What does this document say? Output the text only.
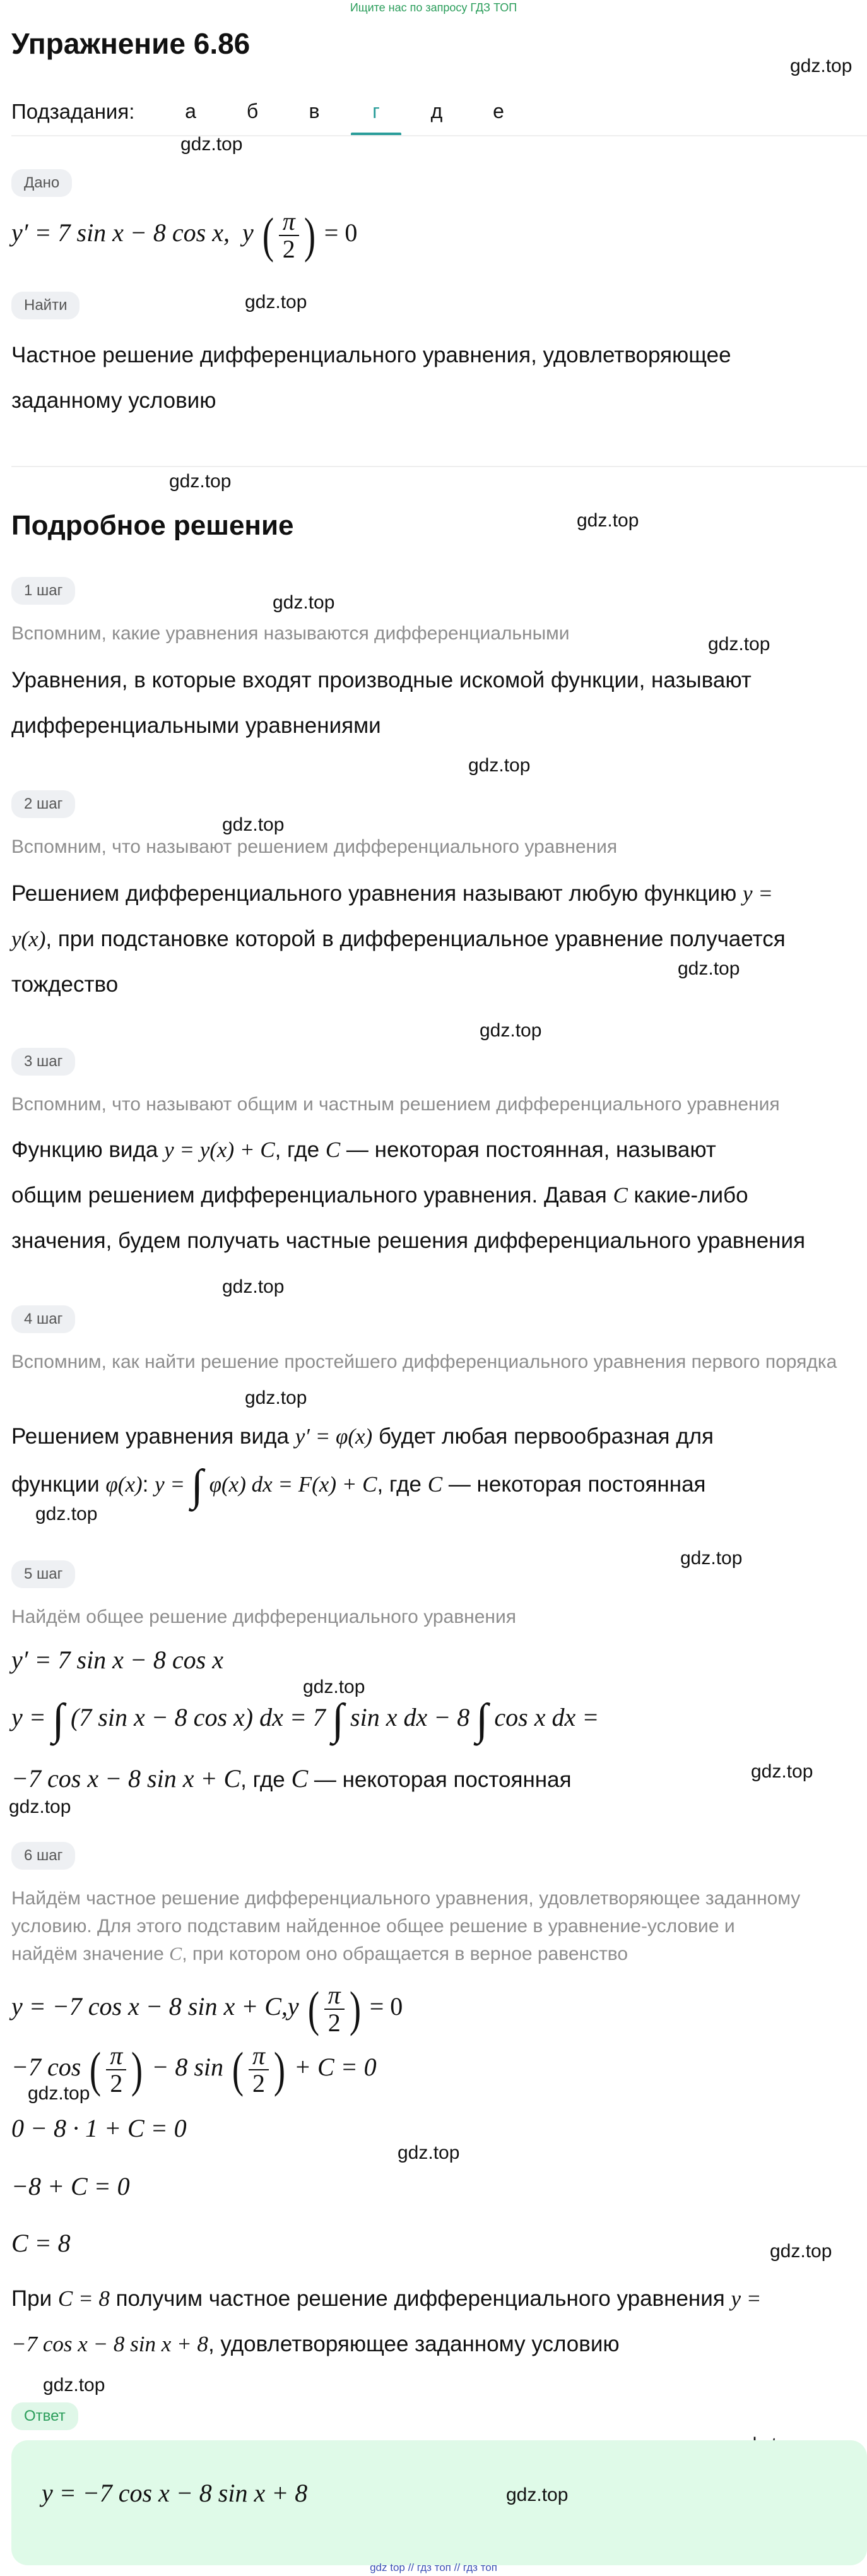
Ищите нас по запросу ГДЗ ТОП
Упражнение 6.86
gdz.top
Подзадания:	а	б	в	г	д	е
gdz.top
Дано
y′ = 7 sin x − 8 cos x, y ( $\frac{\pi}{2}$ ) = 0
Найти	gdz.top
Частное решение дифференциального уравнения, удовлетворяющее заданному условию
gdz.top
Подробное решение	gdz.top
1 шаг
gdz.top
Вспомним, какие уравнения называются дифференциальными
gdz.top
Уравнения, в которые входят производные искомой функции, называют дифференциальными уравнениями
gdz.top
2 шаг
gdz.top
Вспомним, что называют решением дифференциального уравнения
Решением дифференциального уравнения называют любую функцию y =
y(x), при подстановке которой в дифференциальное уравнение получается
тождество
gdz.top
gdz.top
3 шаг
Вспомним, что называют общим и частным решением дифференциального уравнения
Функцию вида y = y(x) + C, где C — некоторая постоянная, называют
общим решением дифференциального уравнения. Давая C какие-либо
значения, будем получать частные решения дифференциального уравнения
gdz.top
4 шаг
Вспомним, как найти решение простейшего дифференциального уравнения первого порядка
gdz.top
Решением уравнения вида y′ = φ(x) будет любая первообразная для
функции φ(x): y = ∫ φ(x) dx = F(x) + C, где C — некоторая постоянная
gdz.top
gdz.top
5 шаг
Найдём общее решение дифференциального уравнения
y′ = 7 sin x − 8 cos x
gdz.top
y = ∫ (7 sin x − 8 cos x) dx = 7 ∫ sin x dx − 8 ∫ cos x dx =
−7 cos x − 8 sin x + C, где C — некоторая постоянная	gdz.top
gdz.top
6 шаг
Найдём частное решение дифференциального уравнения, удовлетворяющее заданному
условию. Для этого подставим найденное общее решение в уравнение-условие и
найдём значение C, при котором оно обращается в верное равенство
y = −7 cos x − 8 sin x + C,y ( $\frac{\pi}{2}$ ) = 0
−7 cos ( $\frac{\pi}{2}$ ) − 8 sin ( $\frac{\pi}{2}$ ) + C = 0
gdz.top
0 − 8 · 1 + C = 0
gdz.top
−8 + C = 0
C = 8	gdz.top
При C = 8 получим частное решение дифференциального уравнения y =
−7 cos x − 8 sin x + 8, удовлетворяющее заданному условию
gdz.top
Ответ
y = −7 cos x − 8 sin x + 8	gdz.top
gdz top // гдз топ // гдз топ
